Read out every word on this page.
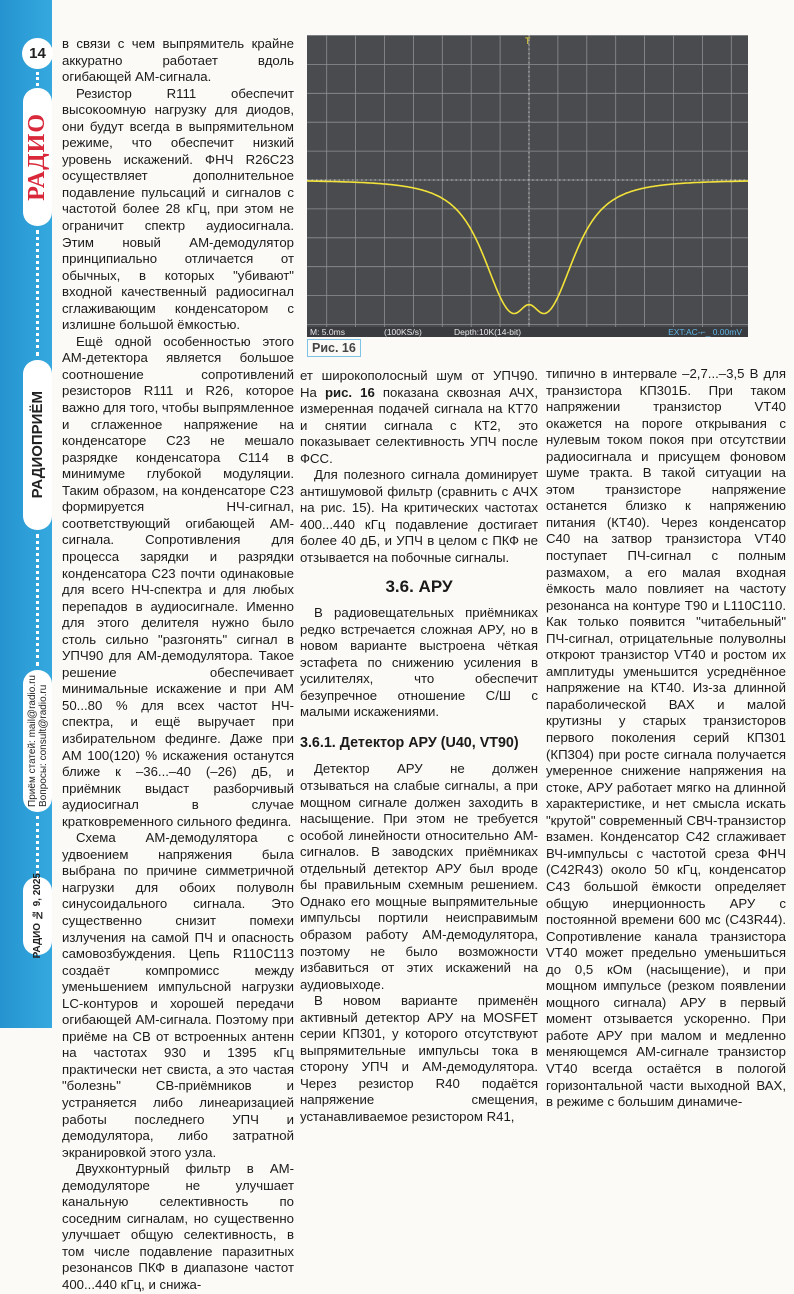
14
РАДИО
РАДИОПРИЁМ
Приём статей: mail@radio.ru Вопросы: consult@radio.ru
РАДИО № 9, 2025

в связи с чем выпрямитель крайне аккуратно работает вдоль огибающей АМ-сигнала.

Резистор R111 обеспечит высокоомную нагрузку для диодов, они будут всегда в выпрямительном режиме, что обеспечит низкий уровень искажений. ФНЧ R26C23 осуществляет дополнительное подавление пульсаций и сигналов с частотой более 28 кГц, при этом не ограничит спектр аудиосигнала. Этим новый АМ-демодулятор принципиально отличается от обычных, в которых "убивают" входной качественный радиосигнал сглаживающим конденсатором с излишне большой ёмкостью.

Ещё одной особенностью этого АМ-детектора является большое соотношение сопротивлений резисторов R111 и R26, которое важно для того, чтобы выпрямленное и сглаженное напряжение на конденсаторе C23 не мешало разрядке конденсатора C114 в минимуме глубокой модуляции. Таким образом, на конденсаторе C23 формируется НЧ-сигнал, соответствующий огибающей АМ-сигнала. Сопротивления для процесса зарядки и разрядки конденсатора C23 почти одинаковые для всего НЧ-спектра и для любых перепадов в аудиосигнале. Именно для этого делителя нужно было столь сильно "разгонять" сигнал в УПЧ90 для АМ-демодулятора. Такое решение обеспечивает минимальные искажение и при АМ 50...80 % для всех частот НЧ-спектра, и ещё выручает при избирательном фединге. Даже при АМ 100(120) % искажения останутся ближе к –36...–40 (–26) дБ, и приёмник выдаст разборчивый аудиосигнал в случае кратковременного сильного фединга.

Схема АМ-демодулятора с удвоением напряжения была выбрана по причине симметричной нагрузки для обоих полуволн синусоидального сигнала. Это существенно снизит помехи излучения на самой ПЧ и опасность самовозбуждения. Цепь R110C113 создаёт компромисс между уменьшением импульсной нагрузки LC-контуров и хорошей передачи огибающей АМ-сигнала. Поэтому при приёме на СВ от встроенных антенн на частотах 930 и 1395 кГц практически нет свиста, а это частая "болезнь" СВ-приёмников и устраняется либо линеаризацией работы последнего УПЧ и демодулятора, либо затратной экранировкой этого узла.

Двухконтурный фильтр в АМ-демодуляторе не улучшает канальную селективность по соседним сигналам, но существенно улучшает общую селективность, в том числе подавление паразитных резонансов ПКФ в диапазоне частот 400...440 кГц, и снижа-

T
M: 5.0ms	(100KS/s)	Depth:10K(14-bit)	EXT:AC-⌐_ 0.00mV
Рис. 16

ет широкополосный шум от УПЧ90. На рис. 16 показана сквозная АЧХ, измеренная подачей сигнала на КТ70 и снятии сигнала с КТ2, это показывает селективность УПЧ после ФСС.

Для полезного сигнала доминирует антишумовой фильтр (сравнить с АЧХ на рис. 15). На критических частотах 400...440 кГц подавление достигает более 40 дБ, и УПЧ в целом с ПКФ не отзывается на побочные сигналы.

3.6. АРУ

В радиовещательных приёмниках редко встречается сложная АРУ, но в новом варианте выстроена чёткая эстафета по снижению усиления в усилителях, что обеспечит безупречное отношение С/Ш с малыми искажениями.

3.6.1. Детектор АРУ (U40, VT90)

Детектор АРУ не должен отзываться на слабые сигналы, а при мощном сигнале должен заходить в насыщение. При этом не требуется особой линейности относительно АМ-сигналов. В заводских приёмниках отдельный детектор АРУ был вроде бы правильным схемным решением. Однако его мощные выпрямительные импульсы портили неисправимым образом работу АМ-демодулятора, поэтому не было возможности избавиться от этих искажений на аудиовыходе.

В новом варианте применён активный детектор АРУ на MOSFET серии КП301, у которого отсутствуют выпрямительные импульсы тока в сторону УПЧ и АМ-демодулятора. Через резистор R40 подаётся напряжение смещения, устанавливаемое резистором R41,

типично в интервале –2,7...–3,5 В для транзистора КП301Б. При таком напряжении транзистор VT40 окажется на пороге открывания с нулевым током покоя при отсутствии радиосигнала и присущем фоновом шуме тракта. В такой ситуации на этом транзисторе напряжение останется близко к напряжению питания (КТ40). Через конденсатор C40 на затвор транзистора VT40 поступает ПЧ-сигнал с полным размахом, а его малая входная ёмкость мало повлияет на частоту резонанса на контуре T90 и L110C110. Как только появится "читабельный" ПЧ-сигнал, отрицательные полуволны откроют транзистор VT40 и ростом их амплитуды уменьшится усреднённое напряжение на КТ40. Из-за длинной параболической ВАХ и малой крутизны у старых транзисторов первого поколения серий КП301 (КП304) при росте сигнала получается умеренное снижение напряжения на стоке, АРУ работает мягко на длинной характеристике, и нет смысла искать "крутой" современный СВЧ-транзистор взамен. Конденсатор C42 сглаживает ВЧ-импульсы с частотой среза ФНЧ (C42R43) около 50 кГц, конденсатор C43 большой ёмкости определяет общую инерционность АРУ с постоянной времени 600 мс (C43R44). Сопротивление канала транзистора VT40 может предельно уменьшиться до 0,5 кОм (насыщение), и при мощном импульсе (резком появлении мощного сигнала) АРУ в первый момент отзывается ускоренно. При работе АРУ при малом и медленно меняющемся АМ-сигнале транзистор VT40 всегда остаётся в пологой горизонтальной части выходной ВАХ, в режиме с большим динамиче-
